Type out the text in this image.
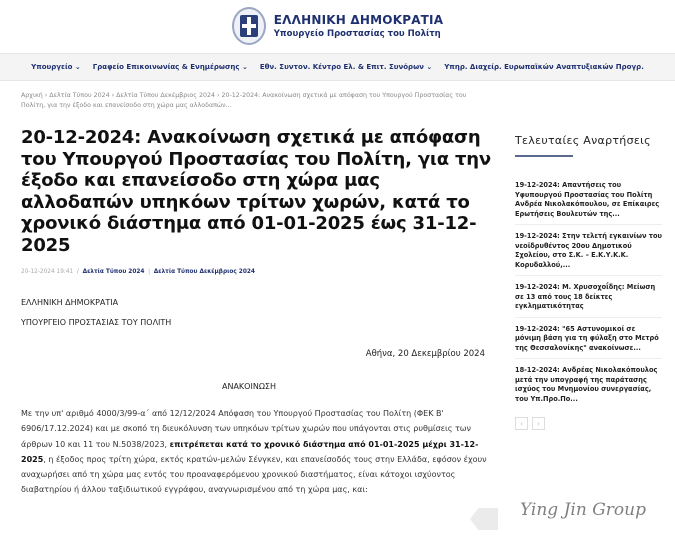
ΕΛΛΗΝΙΚΗ ΔΗΜΟΚΡΑΤΙΑ
Υπουργείο Προστασίας του Πολίτη
Υπουργείο ⌄ Γραφείο Επικοινωνίας & Ενημέρωσης ⌄ Εθν. Συντον. Κέντρο Ελ. & Επιτ. Συνόρων ⌄ Υπηρ. Διαχείρ. Ευρωπαϊκών Αναπτυξιακών Προγρ.
Αρχική › Δελτία Τύπου 2024 › Δελτία Τύπου Δεκέμβριος 2024 › 20-12-2024: Ανακοίνωση σχετικά με απόφαση του Υπουργού Προστασίας του Πολίτη, για την έξοδο και επανείσοδο στη χώρα μας αλλοδαπών...
20-12-2024: Ανακοίνωση σχετικά με απόφαση του Υπουργού Προστασίας του Πολίτη, για την έξοδο και επανείσοδο στη χώρα μας αλλοδαπών υπηκόων τρίτων χωρών, κατά το χρονικό διάστημα από 01-01-2025 έως 31-12-2025
20-12-2024 19:41  /  Δελτία Τύπου 2024  |  Δελτία Τύπου Δεκέμβριος 2024
ΕΛΛΗΝΙΚΗ ΔΗΜΟΚΡΑΤΙΑ
ΥΠΟΥΡΓΕΙΟ ΠΡΟΣΤΑΣΙΑΣ ΤΟΥ ΠΟΛΙΤΗ
Αθήνα, 20 Δεκεμβρίου 2024
ΑΝΑΚΟΙΝΩΣΗ

Με την υπ' αριθμό 4000/3/99-α΄ από 12/12/2024 Απόφαση του Υπουργού Προστασίας του Πολίτη (ΦΕΚ Β' 6906/17.12.2024) και με σκοπό τη διευκόλυνση των υπηκόων τρίτων χωρών που υπάγονται στις ρυθμίσεις των άρθρων 10 και 11 του Ν.5038/2023, επιτρέπεται κατά το χρονικό διάστημα από 01-01-2025 μέχρι 31-12-2025, η έξοδος προς τρίτη χώρα, εκτός κρατών-μελών Σένγκεν, και επανείσοδός τους στην Ελλάδα, εφόσον έχουν αναχωρήσει από τη χώρα μας εντός του προαναφερόμενου χρονικού διαστήματος, είναι κάτοχοι ισχύοντος διαβατηρίου ή άλλου ταξιδιωτικού εγγράφου, αναγνωρισμένου από τη χώρα μας, και:

Τελευταίες Αναρτήσεις
19-12-2024: Απαντήσεις του Υφυπουργού Προστασίας του Πολίτη Ανδρέα Νικολακόπουλου, σε Επίκαιρες Ερωτήσεις Βουλευτών της...
19-12-2024: Στην τελετή εγκαινίων του νεοϊδρυθέντος 20ου Δημοτικού Σχολείου, στο Σ.Κ. – Ε.Κ.Υ.Κ.Κ. Κορυδαλλού,...
19-12-2024: Μ. Χρυσοχοΐδης: Μείωση σε 13 από τους 18 δείκτες εγκληματικότητας
19-12-2024: "65 Αστυνομικοί σε μόνιμη βάση για τη φύλαξη στο Μετρό της Θεσσαλονίκης" ανακοίνωσε...
18-12-2024: Ανδρέας Νικολακόπουλος μετά την υπογραφή της παράτασης ισχύος του Μνημονίου συνεργασίας, του Υπ.Προ.Πο...
‹	›
Ying Jin Group
